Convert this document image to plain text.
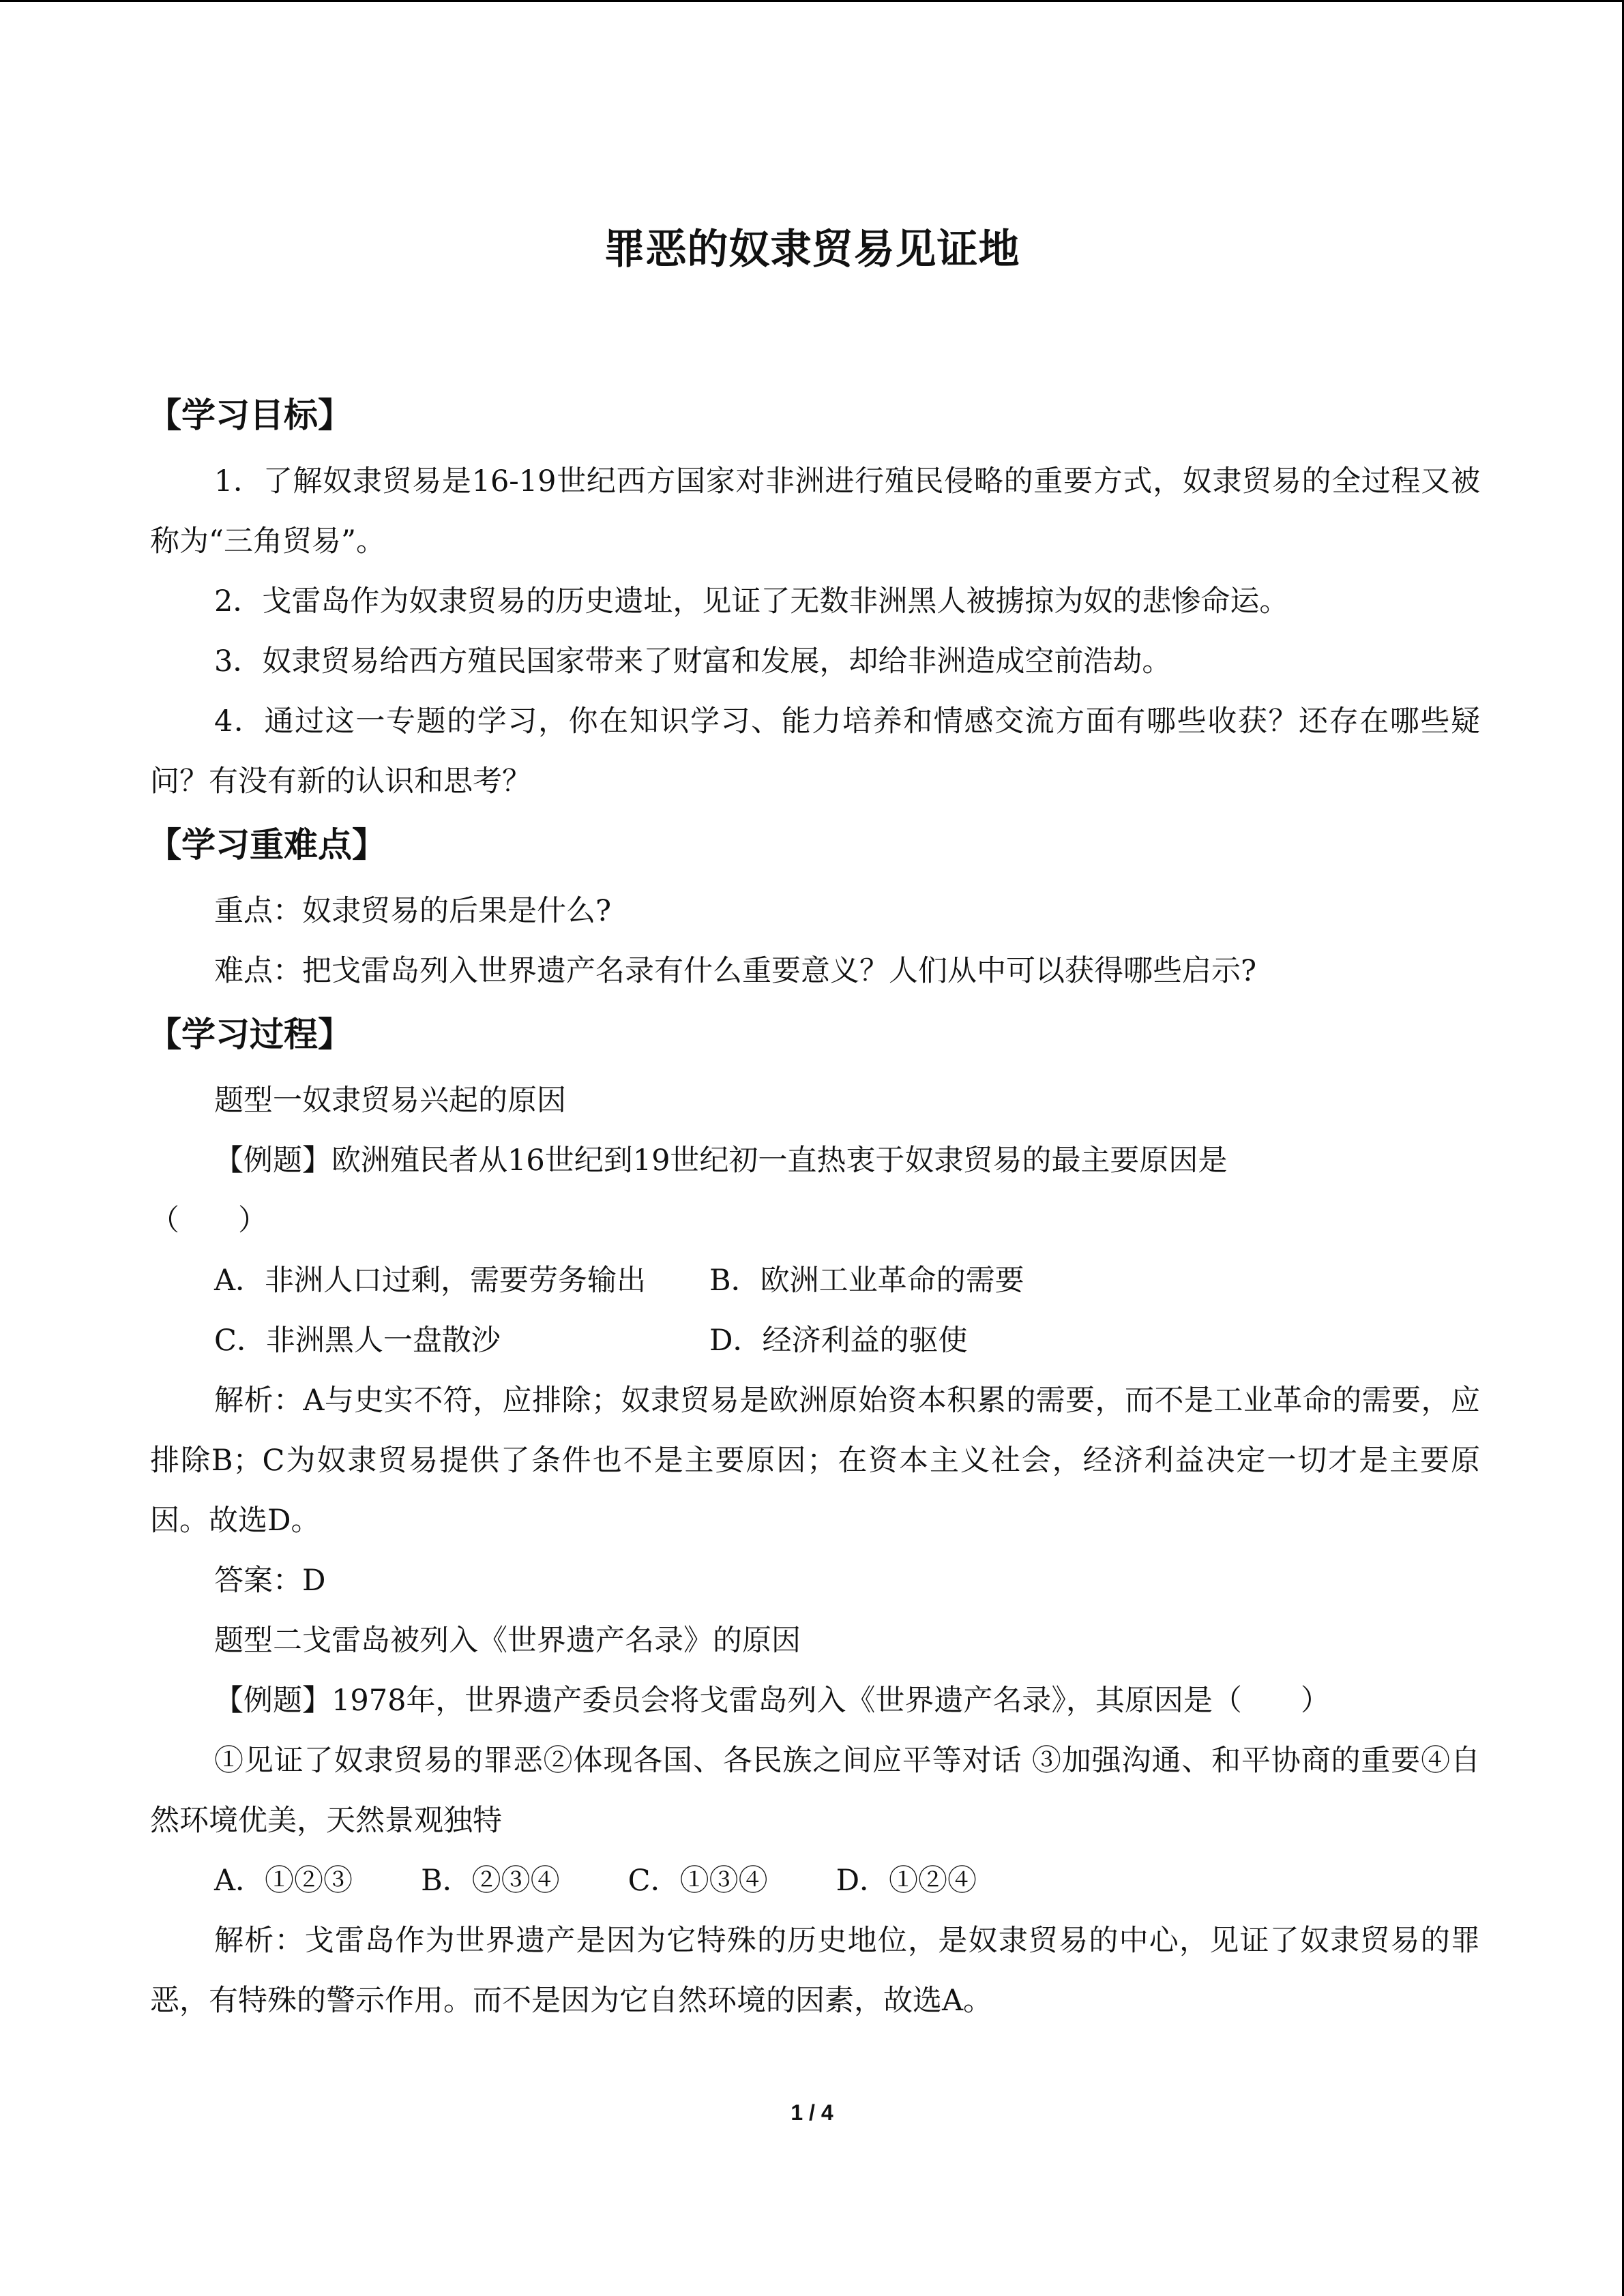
罪恶的奴隶贸易见证地
【学习目标】

1．了解奴隶贸易是16-19世纪西方国家对非洲进行殖民侵略的重要方式，奴隶贸易的全过程又被称为“三角贸易”。

2．戈雷岛作为奴隶贸易的历史遗址，见证了无数非洲黑人被掳掠为奴的悲惨命运。

3．奴隶贸易给西方殖民国家带来了财富和发展，却给非洲造成空前浩劫。

4．通过这一专题的学习，你在知识学习、能力培养和情感交流方面有哪些收获？还存在哪些疑问？有没有新的认识和思考？

【学习重难点】

重点：奴隶贸易的后果是什么?

难点：把戈雷岛列入世界遗产名录有什么重要意义？人们从中可以获得哪些启示?

【学习过程】

题型一奴隶贸易兴起的原因

【例题】欧洲殖民者从16世纪到19世纪初一直热衷于奴隶贸易的最主要原因是

（　　）

A．非洲人口过剩，需要劳务输出	B．欧洲工业革命的需要
C．非洲黑人一盘散沙	D．经济利益的驱使

解析：A与史实不符，应排除；奴隶贸易是欧洲原始资本积累的需要，而不是工业革命的需要，应排除B；C为奴隶贸易提供了条件也不是主要原因；在资本主义社会，经济利益决定一切才是主要原因。故选D。

答案：D

题型二戈雷岛被列入《世界遗产名录》的原因

【例题】1978年，世界遗产委员会将戈雷岛列入《世界遗产名录》，其原因是（　　）

①见证了奴隶贸易的罪恶②体现各国、各民族之间应平等对话 ③加强沟通、和平协商的重要④自然环境优美，天然景观独特

A．①②③ B．②③④ C．①③④ D．①②④

解析：戈雷岛作为世界遗产是因为它特殊的历史地位，是奴隶贸易的中心，见证了奴隶贸易的罪恶，有特殊的警示作用。而不是因为它自然环境的因素，故选A。

1 / 4
